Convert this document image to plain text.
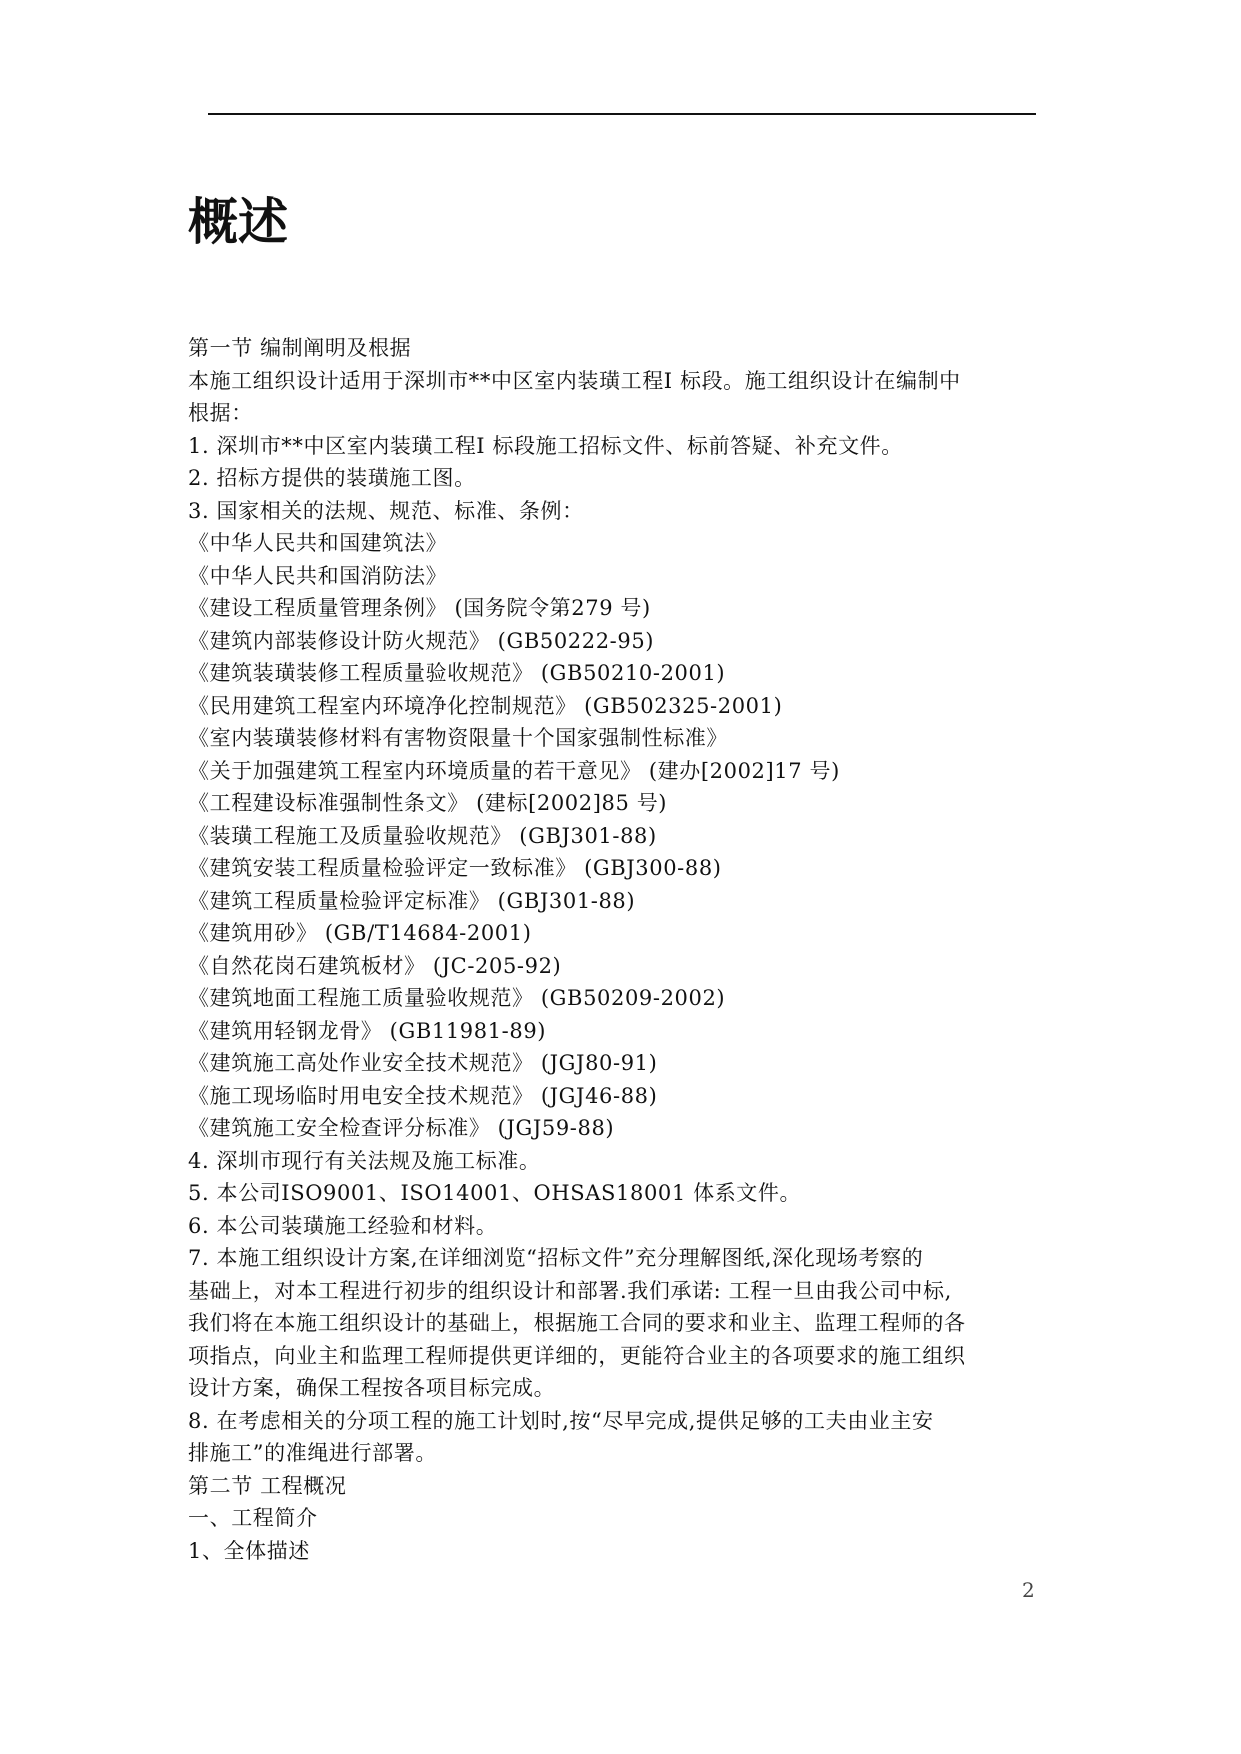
概述
第一节 编制阐明及根据
本施工组织设计适用于深圳市**中区室内装璜工程Ⅰ 标段。施工组织设计在编制中
根据：
1. 深圳市**中区室内装璜工程Ⅰ 标段施工招标文件、标前答疑、补充文件。
2. 招标方提供的装璜施工图。
3. 国家相关的法规、规范、标准、条例：
《中华人民共和国建筑法》
《中华人民共和国消防法》
《建设工程质量管理条例》 (国务院令第279 号)
《建筑内部装修设计防火规范》 (GB50222-95)
《建筑装璜装修工程质量验收规范》 (GB50210-2001)
《民用建筑工程室内环境净化控制规范》 (GB502325-2001)
《室内装璜装修材料有害物资限量十个国家强制性标准》
《关于加强建筑工程室内环境质量的若干意见》 (建办[2002]17 号)
《工程建设标准强制性条文》 (建标[2002]85 号)
《装璜工程施工及质量验收规范》 (GBJ301-88)
《建筑安装工程质量检验评定一致标准》 (GBJ300-88)
《建筑工程质量检验评定标准》 (GBJ301-88)
《建筑用砂》 (GB/T14684-2001)
《自然花岗石建筑板材》 (JC-205-92)
《建筑地面工程施工质量验收规范》 (GB50209-2002)
《建筑用轻钢龙骨》 (GB11981-89)
《建筑施工高处作业安全技术规范》 (JGJ80-91)
《施工现场临时用电安全技术规范》 (JGJ46-88)
《建筑施工安全检查评分标准》 (JGJ59-88)
4. 深圳市现行有关法规及施工标准。
5. 本公司ISO9001、ISO14001、OHSAS18001 体系文件。
6. 本公司装璜施工经验和材料。
7. 本施工组织设计方案,在详细浏览“招标文件”充分理解图纸,深化现场考察的
基础上，对本工程进行初步的组织设计和部署.我们承诺: 工程一旦由我公司中标,
我们将在本施工组织设计的基础上，根据施工合同的要求和业主、监理工程师的各
项指点，向业主和监理工程师提供更详细的，更能符合业主的各项要求的施工组织
设计方案，确保工程按各项目标完成。
8. 在考虑相关的分项工程的施工计划时,按“尽早完成,提供足够的工夫由业主安
排施工”的准绳进行部署。
第二节 工程概况
一、工程简介
1、全体描述
2
